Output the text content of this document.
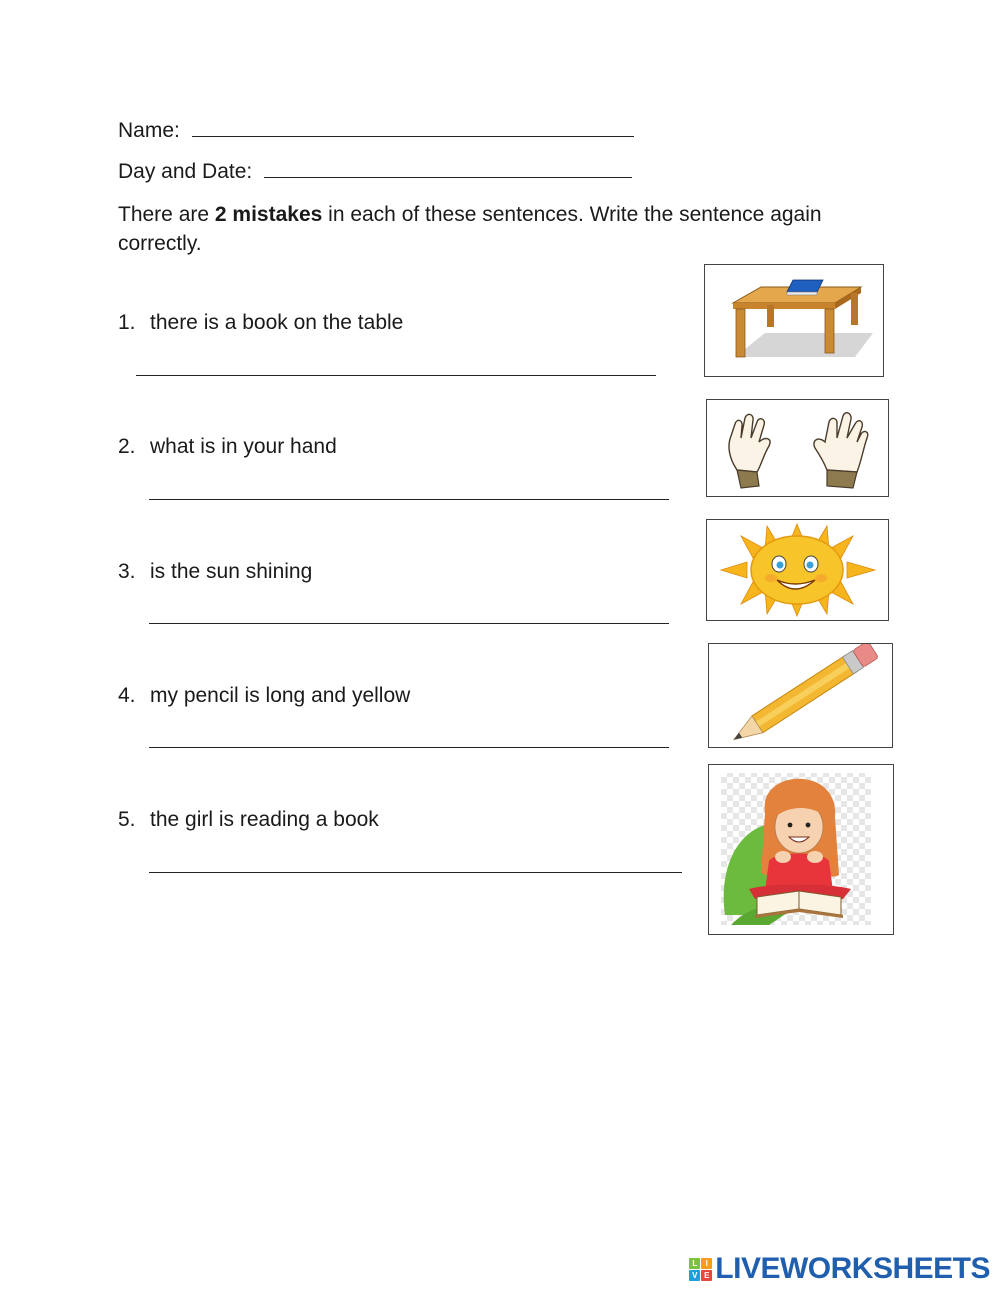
Name:
Day and Date:
There are 2 mistakes in each of these sentences. Write the sentence again correctly.
1. there is a book on the table
2. what is in your hand
3. is the sun shining
4. my pencil is long and yellow
5. the girl is reading a book
L	I
V E LIVEWORKSHEETS
